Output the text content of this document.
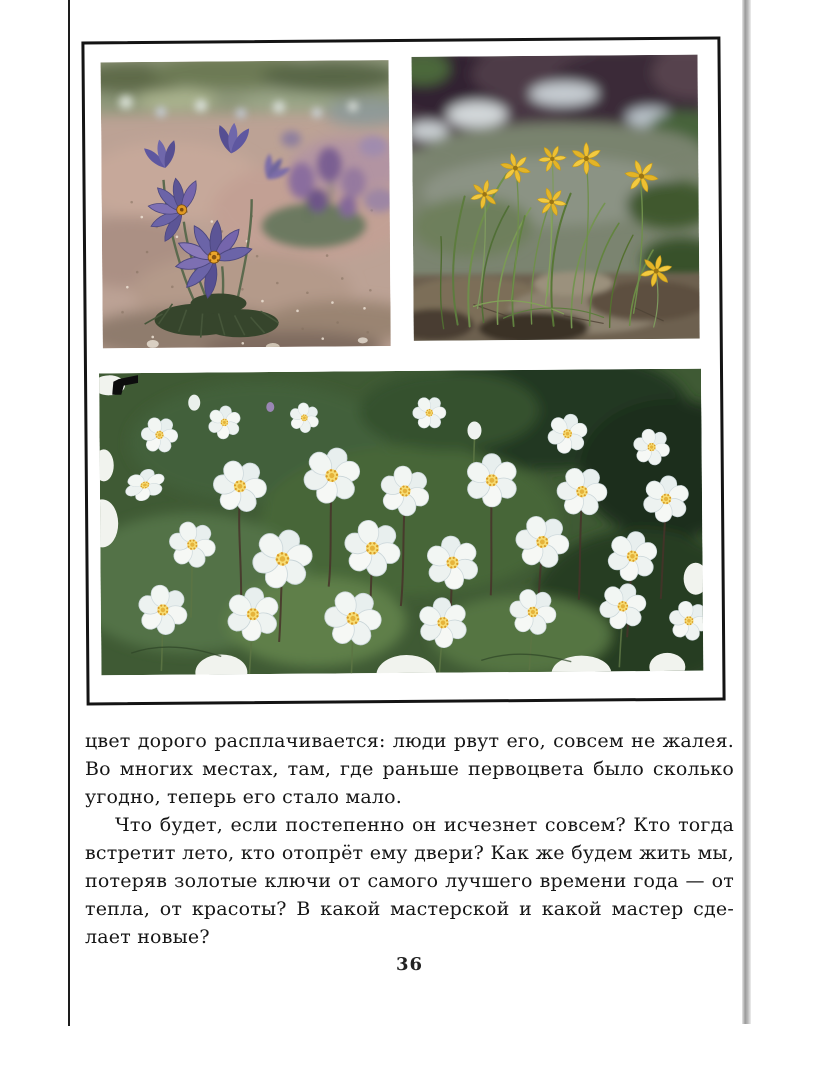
цвет дорого расплачивается: люди рвут его, совсем не жалея.
Во многих местах, там, где раньше первоцвета было сколько
угодно, теперь его стало мало.
Что будет, если постепенно он исчезнет совсем? Кто тогда
встретит лето, кто отопрёт ему двери? Как же будем жить мы,
потеряв золотые ключи от самого лучшего времени года — от
тепла, от красоты? В какой мастерской и какой мастер сде-
лает новые?
36
